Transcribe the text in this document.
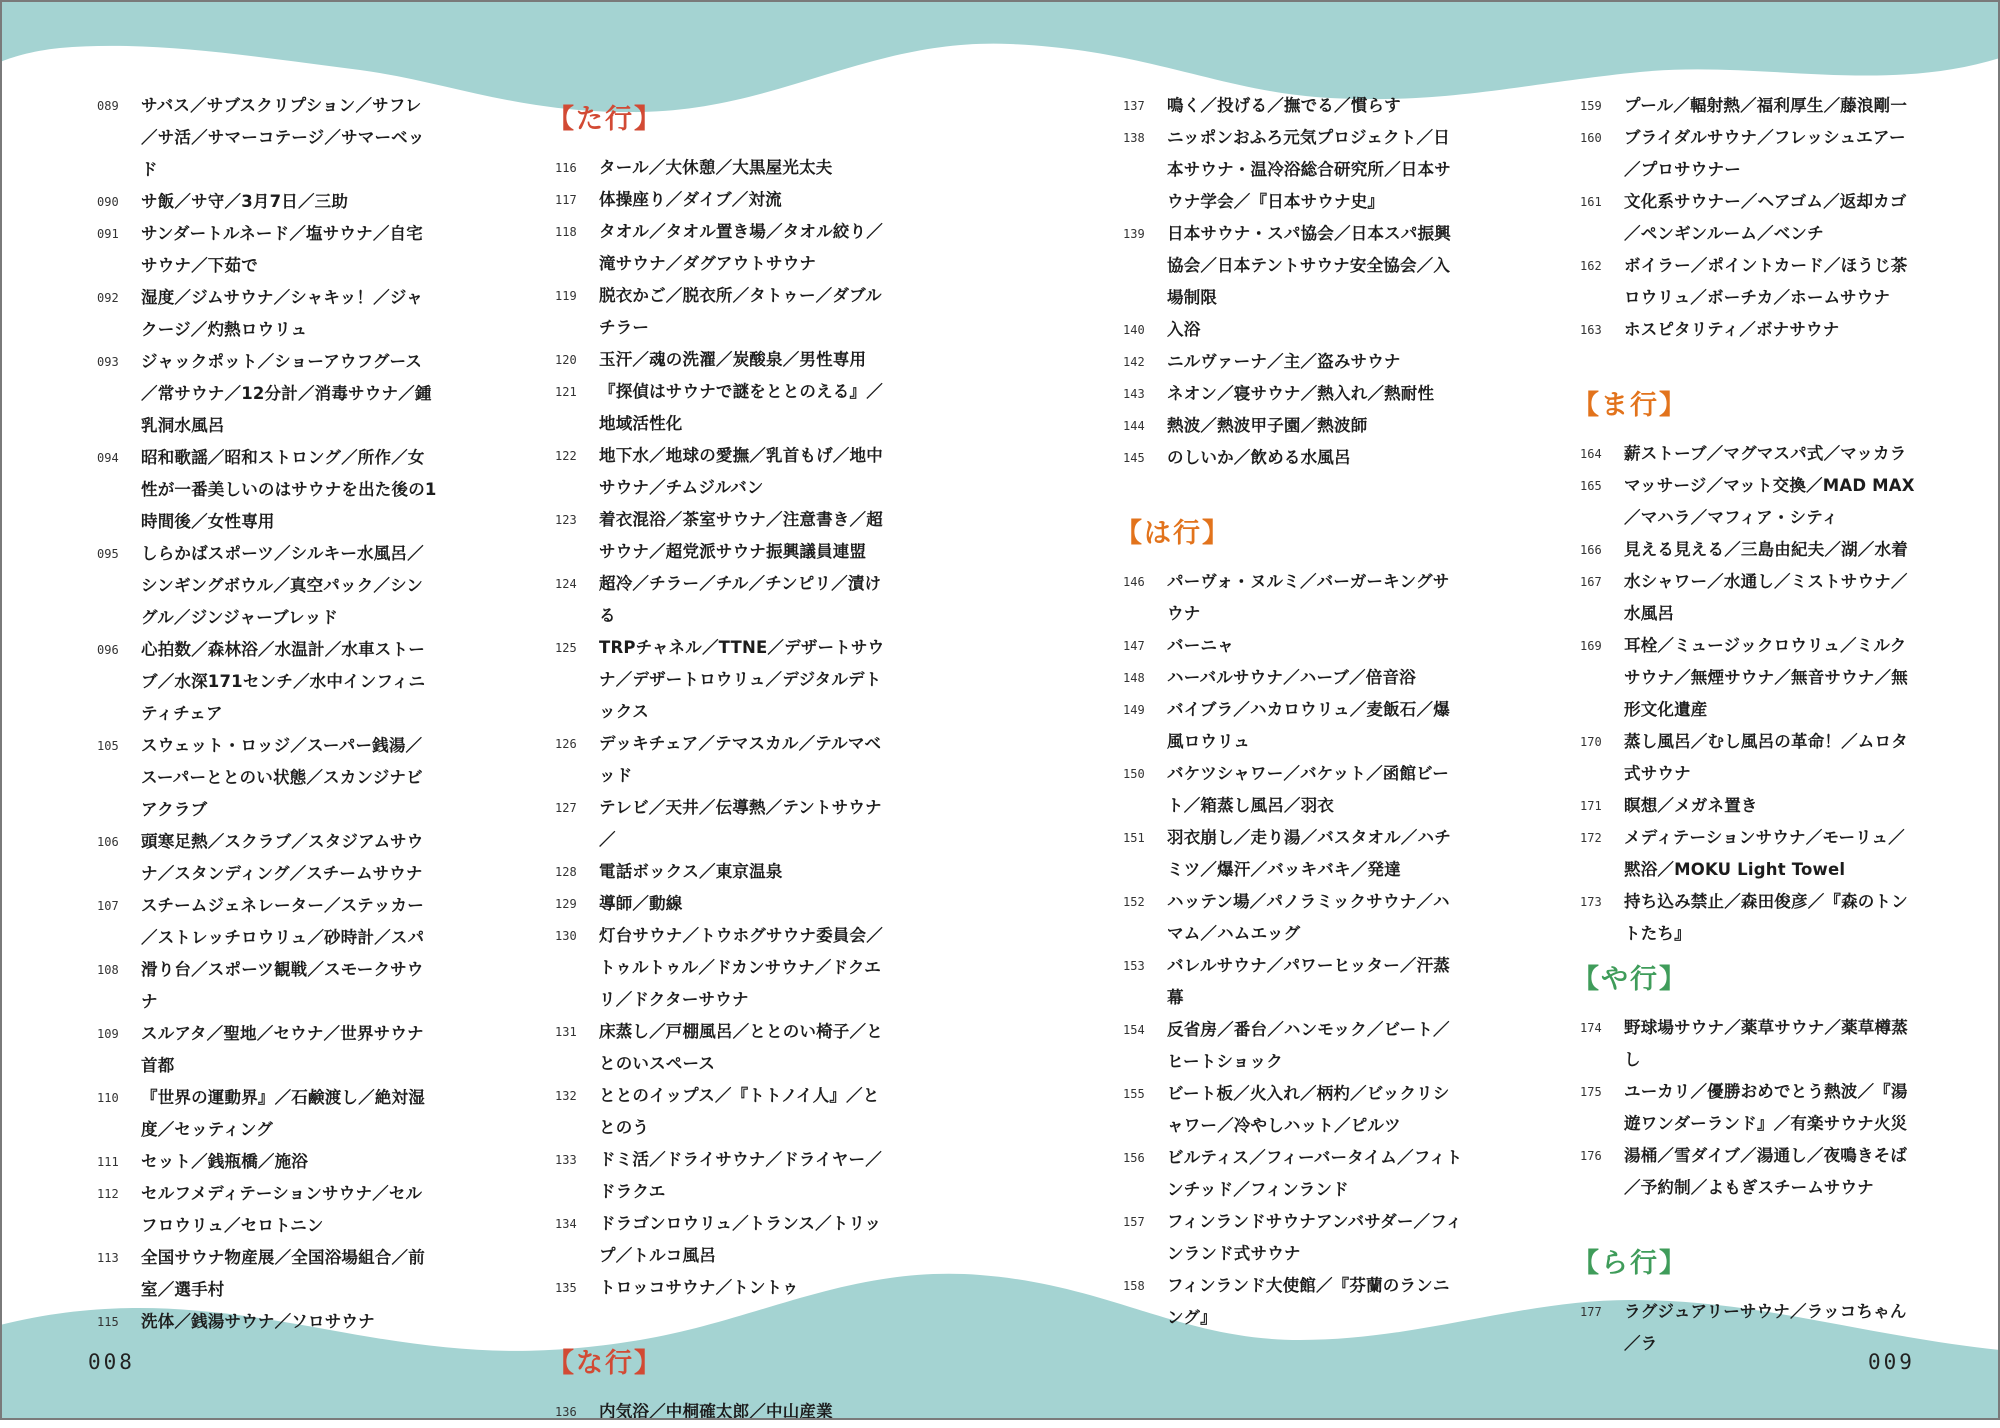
089	サバス／サブスクリプション／サフレ／サ活／サマーコテージ／サマーベッド
090	サ飯／サ守／3月7日／三助
091	サンダートルネード／塩サウナ／自宅サウナ／下茹で
092	湿度／ジムサウナ／シャキッ！／ジャクージ／灼熱ロウリュ
093	ジャックポット／ショーアウフグース／常サウナ／12分計／消毒サウナ／鍾乳洞水風呂
094	昭和歌謡／昭和ストロング／所作／女性が一番美しいのはサウナを出た後の1時間後／女性専用
095	しらかばスポーツ／シルキー水風呂／シンギングボウル／真空パック／シングル／ジンジャーブレッド
096	心拍数／森林浴／水温計／水車ストーブ／水深171センチ／水中インフィニティチェア
105	スウェット・ロッジ／スーパー銭湯／スーパーととのい状態／スカンジナビアクラブ
106	頭寒足熱／スクラブ／スタジアムサウナ／スタンディング／スチームサウナ
107	スチームジェネレーター／ステッカー／ストレッチロウリュ／砂時計／スパ
108	滑り台／スポーツ観戦／スモークサウナ
109	スルアタ／聖地／セウナ／世界サウナ首都
110	『世界の運動界』／石鹸渡し／絶対湿度／セッティング
111	セット／銭瓶橋／施浴
112	セルフメディテーションサウナ／セルフロウリュ／セロトニン
113	全国サウナ物産展／全国浴場組合／前室／選手村
115	洗体／銭湯サウナ／ソロサウナ
【た行】
116	タール／大休憩／大黒屋光太夫
117	体操座り／ダイブ／対流
118	タオル／タオル置き場／タオル絞り／滝サウナ／ダグアウトサウナ
119	脱衣かご／脱衣所／タトゥー／ダブルチラー
120	玉汗／魂の洗濯／炭酸泉／男性専用
121	『探偵はサウナで謎をととのえる』／地域活性化
122	地下水／地球の愛撫／乳首もげ／地中サウナ／チムジルバン
123	着衣混浴／茶室サウナ／注意書き／超サウナ／超党派サウナ振興議員連盟
124	超冷／チラー／チル／チンピリ／漬ける
125	TRPチャネル／TTNE／デザートサウナ／デザートロウリュ／デジタルデトックス
126	デッキチェア／テマスカル／テルマベッド
127	テレビ／天井／伝導熱／テントサウナ／
128	電話ボックス／東京温泉
129	導師／動線
130	灯台サウナ／トウホグサウナ委員会／トゥルトゥル／ドカンサウナ／ドクエリ／ドクターサウナ
131	床蒸し／戸棚風呂／ととのい椅子／ととのいスペース
132	ととのイップス／『トトノイ人』／ととのう
133	ドミ活／ドライサウナ／ドライヤー／ドラクエ
134	ドラゴンロウリュ／トランス／トリップ／トルコ風呂
135	トロッコサウナ／トントゥ
【な行】
136	内気浴／中桐確太郎／中山産業
137	鳴く／投げる／撫でる／慣らす
138	ニッポンおふろ元気プロジェクト／日本サウナ・温冷浴総合研究所／日本サウナ学会／『日本サウナ史』
139	日本サウナ・スパ協会／日本スパ振興協会／日本テントサウナ安全協会／入場制限
140	入浴
142	ニルヴァーナ／主／盗みサウナ
143	ネオン／寝サウナ／熱入れ／熱耐性
144	熱波／熱波甲子園／熱波師
145	のしいか／飲める水風呂
【は行】
146	パーヴォ・ヌルミ／バーガーキングサウナ
147	バーニャ
148	ハーバルサウナ／ハーブ／倍音浴
149	バイブラ／ハカロウリュ／麦飯石／爆風ロウリュ
150	バケツシャワー／バケット／函館ビート／箱蒸し風呂／羽衣
151	羽衣崩し／走り湯／バスタオル／ハチミツ／爆汗／バッキバキ／発達
152	ハッテン場／パノラミックサウナ／ハマム／ハムエッグ
153	バレルサウナ／パワーヒッター／汗蒸幕
154	反省房／番台／ハンモック／ビート／ヒートショック
155	ビート板／火入れ／柄杓／ビックリシャワー／冷やしハット／ピルツ
156	ビルティス／フィーバータイム／フィトンチッド／フィンランド
157	フィンランドサウナアンバサダー／フィンランド式サウナ
158	フィンランド大使館／『芬蘭のランニング』
159	プール／輻射熱／福利厚生／藤浪剛一
160	ブライダルサウナ／フレッシュエアー／プロサウナー
161	文化系サウナー／ヘアゴム／返却カゴ／ペンギンルーム／ベンチ
162	ボイラー／ポイントカード／ほうじ茶ロウリュ／ボーチカ／ホームサウナ
163	ホスピタリティ／ボナサウナ
【ま行】
164	薪ストーブ／マグマスパ式／マッカラ
165	マッサージ／マット交換／MAD MAX／マハラ／マフィア・シティ
166	見える見える／三島由紀夫／湖／水着
167	水シャワー／水通し／ミストサウナ／水風呂
169	耳栓／ミュージックロウリュ／ミルクサウナ／無煙サウナ／無音サウナ／無形文化遺産
170	蒸し風呂／むし風呂の革命！／ムロタ式サウナ
171	瞑想／メガネ置き
172	メディテーションサウナ／モーリュ／黙浴／MOKU Light Towel
173	持ち込み禁止／森田俊彦／『森のトントたち』
【や行】
174	野球場サウナ／薬草サウナ／薬草樽蒸し
175	ユーカリ／優勝おめでとう熱波／『湯遊ワンダーランド』／有楽サウナ火災
176	湯桶／雪ダイブ／湯通し／夜鳴きそば／予約制／よもぎスチームサウナ
【ら行】
177	ラグジュアリーサウナ／ラッコちゃん／ラ
008	009
